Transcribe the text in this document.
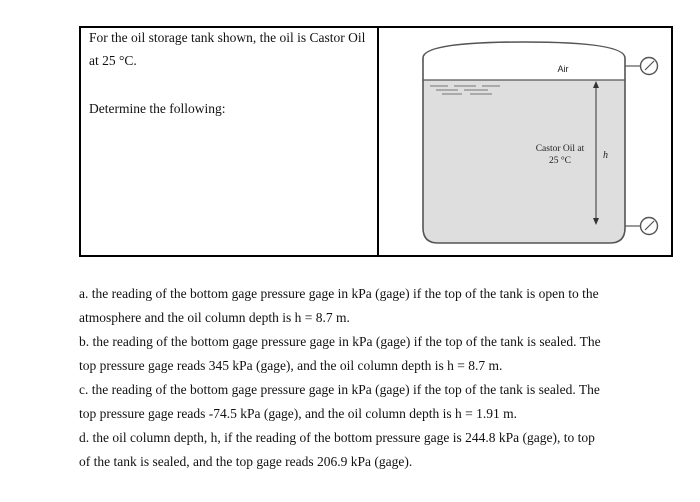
For the oil storage tank shown, the oil is Castor Oil
at 25 °C.
Determine the following:
Air
Castor Oil at
25 °C	h
a. the reading of the bottom gage pressure gage in kPa (gage) if the top of the tank is open to the
atmosphere and the oil column depth is h = 8.7 m.
b. the reading of the bottom gage pressure gage in kPa (gage) if the top of the tank is sealed. The
top pressure gage reads 345 kPa (gage), and the oil column depth is h = 8.7 m.
c. the reading of the bottom gage pressure gage in kPa (gage) if the top of the tank is sealed. The
top pressure gage reads -74.5 kPa (gage), and the oil column depth is h = 1.91 m.
d. the oil column depth, h, if the reading of the bottom pressure gage is 244.8 kPa (gage), to top
of the tank is sealed, and the top gage reads 206.9 kPa (gage).
